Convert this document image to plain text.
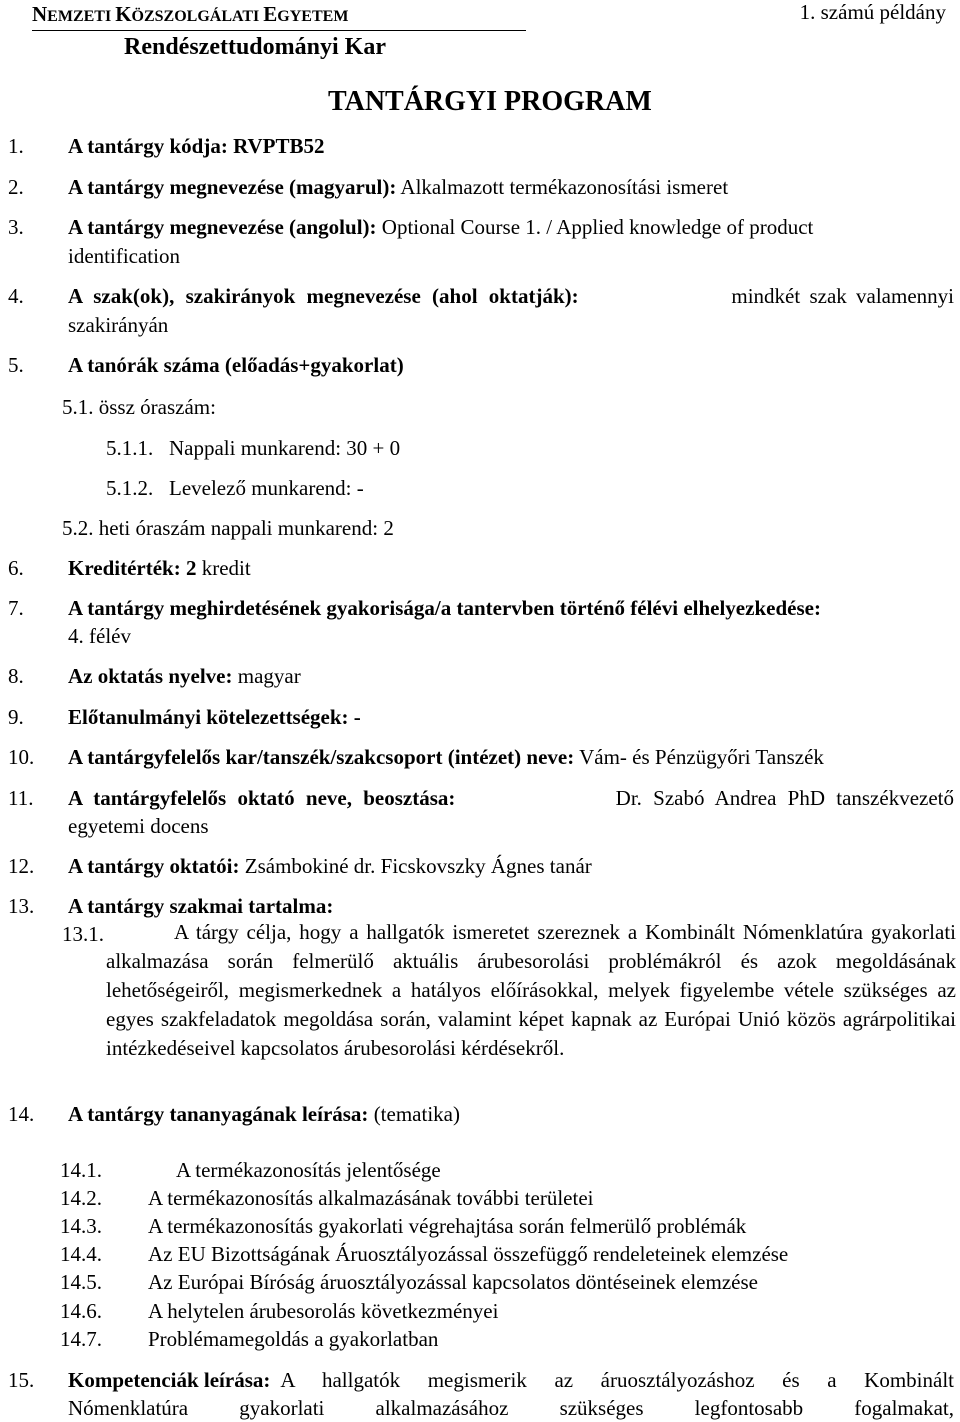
NEMZETI KÖZSZOLGÁLATI EGYETEM
Rendészettudományi Kar
1. számú példány
TANTÁRGYI PROGRAM
1. A tantárgy kódja: RVPTB52
2. A tantárgy megnevezése (magyarul): Alkalmazott termékazonosítási ismeret
3. A tantárgy megnevezése (angolul): Optional Course 1. / Applied knowledge of product
identification
4. A szak(ok), szakirányok megnevezése (ahol oktatják):	mindkét szak valamennyi
szakirányán
5. A tanórák száma (előadás+gyakorlat)
5.1. össz óraszám:
5.1.1.   Nappali munkarend: 30 + 0
5.1.2.   Levelező munkarend: -
5.2. heti óraszám nappali munkarend: 2
6. Kreditérték: 2 kredit
7. A tantárgy meghirdetésének gyakorisága/a tantervben történő félévi elhelyezkedése:
4. félév
8. Az oktatás nyelve: magyar
9. Előtanulmányi kötelezettségek: -
10. A tantárgyfelelős kar/tanszék/szakcsoport (intézet) neve: Vám- és Pénzügyőri Tanszék
11. A tantárgyfelelős oktató neve, beosztása:	Dr. Szabó Andrea PhD tanszékvezető
egyetemi docens
12. A tantárgy oktatói: Zsámbokiné dr. Ficskovszky Ágnes tanár
13. A tantárgy szakmai tartalma:
13.1.	A tárgy célja, hogy a hallgatók ismeretet szereznek a Kombinált Nómenklatúra gyakorlati alkalmazása során felmerülő aktuális árubesorolási problémákról és azok megoldásának lehetőségeiről, megismerkednek a hatályos előírásokkal, melyek figyelembe vétele szükséges az egyes szakfeladatok megoldása során, valamint képet kapnak az Európai Unió közös agrárpolitikai intézkedéseivel kapcsolatos árubesorolási kérdésekről.
14. A tantárgy tananyagának leírása: (tematika)
14.1.	A termékazonosítás jelentősége
14.2. A termékazonosítás alkalmazásának további területei
14.3. A termékazonosítás gyakorlati végrehajtása során felmerülő problémák
14.4. Az EU Bizottságának Áruosztályozással összefüggő rendeleteinek elemzése
14.5. Az Európai Bíróság áruosztályozással kapcsolatos döntéseinek elemzése
14.6. A helytelen árubesorolás következményei
14.7. Problémamegoldás a gyakorlatban
15. Kompetenciák leírása: A hallgatók megismerik az áruosztályozáshoz és a Kombinált
Nómenklatúra gyakorlati alkalmazásához szükséges legfontosabb fogalmakat,
